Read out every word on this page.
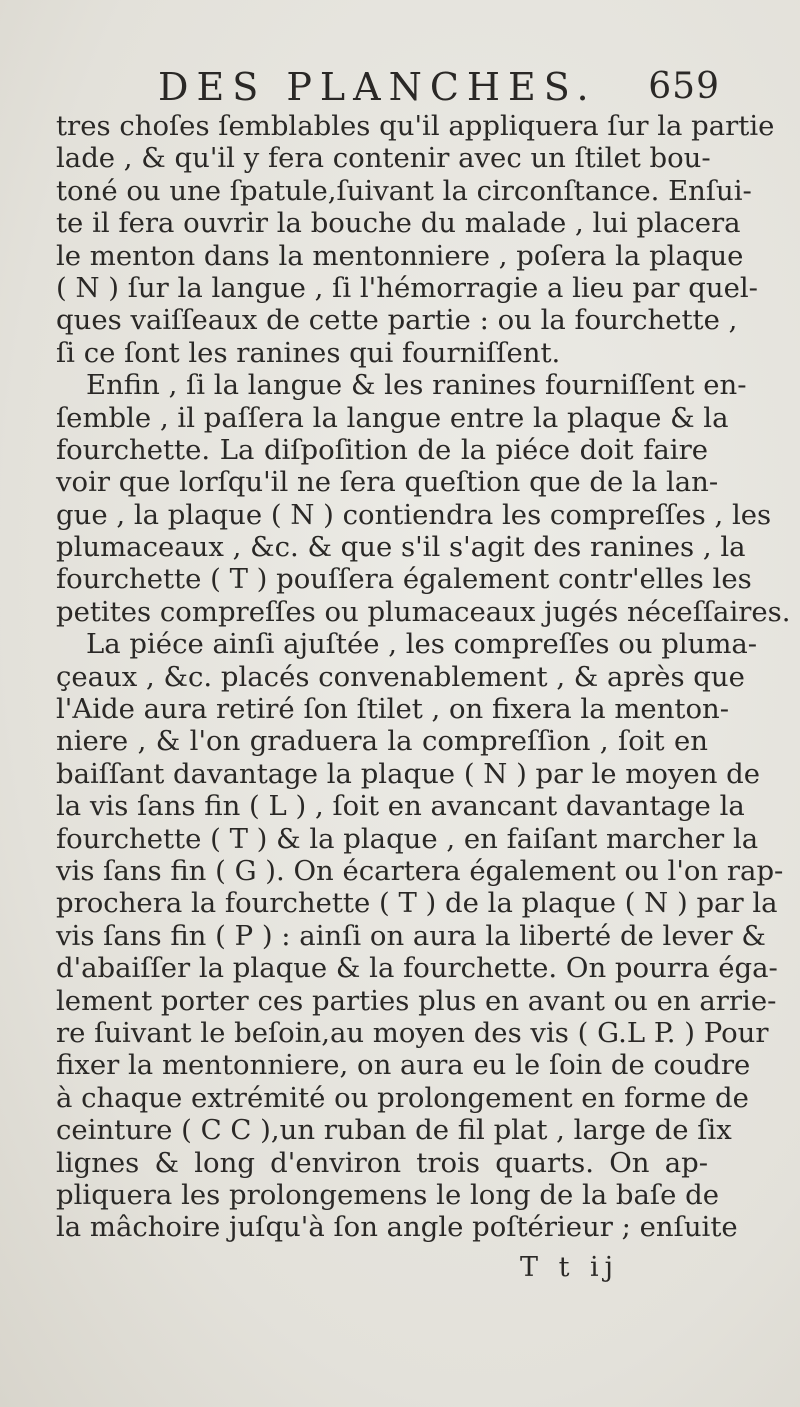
DES PLANCHES. 659
tres choſes ſemblables qu'il appliquera ſur la partie
lade , & qu'il y fera contenir avec un ſtilet bou-
toné ou une ſpatule,ſuivant la circonſtance. Enſui-
te il fera ouvrir la bouche du malade , lui placera
le menton dans la mentonniere , poſera la plaque
( N ) ſur la langue , ſi l'hémorragie a lieu par quel-
ques vaiſſeaux de cette partie : ou la fourchette ,
ſi ce ſont les ranines qui fourniſſent.
Enfin , ſi la langue & les ranines fourniſſent en-
ſemble , il paſſera la langue entre la plaque & la
fourchette. La diſpoſition de la piéce doit faire
voir que lorſqu'il ne ſera queſtion que de la lan-
gue , la plaque ( N ) contiendra les compreſſes , les
plumaceaux , &c. & que s'il s'agit des ranines , la
fourchette ( T ) pouſſera également contr'elles les
petites compreſſes ou plumaceaux jugés néceſſaires.
La piéce ainſi ajuſtée , les compreſſes ou pluma-
çeaux , &c. placés convenablement , & après que
l'Aide aura retiré ſon ſtilet , on fixera la menton-
niere , & l'on graduera la compreſſion , ſoit en
baiſſant davantage la plaque ( N ) par le moyen de
la vis ſans fin ( L ) , ſoit en avancant davantage la
fourchette ( T ) & la plaque , en faiſant marcher la
vis ſans fin ( G ). On écartera également ou l'on rap-
prochera la fourchette ( T ) de la plaque ( N ) par la
vis ſans fin ( P ) : ainſi on aura la liberté de lever &
d'abaiſſer la plaque & la fourchette. On pourra éga-
lement porter ces parties plus en avant ou en arrie-
re ſuivant le beſoin,au moyen des vis ( G.L P. ) Pour
fixer la mentonniere, on aura eu le ſoin de coudre
à chaque extrémité ou prolongement en forme de
ceinture ( C C ),un ruban de fil plat , large de ſix
lignes & long d'environ trois quarts. On ap-
pliquera les prolongemens le long de la baſe de
la mâchoire juſqu'à ſon angle poſtérieur ; enſuite
T t ij
